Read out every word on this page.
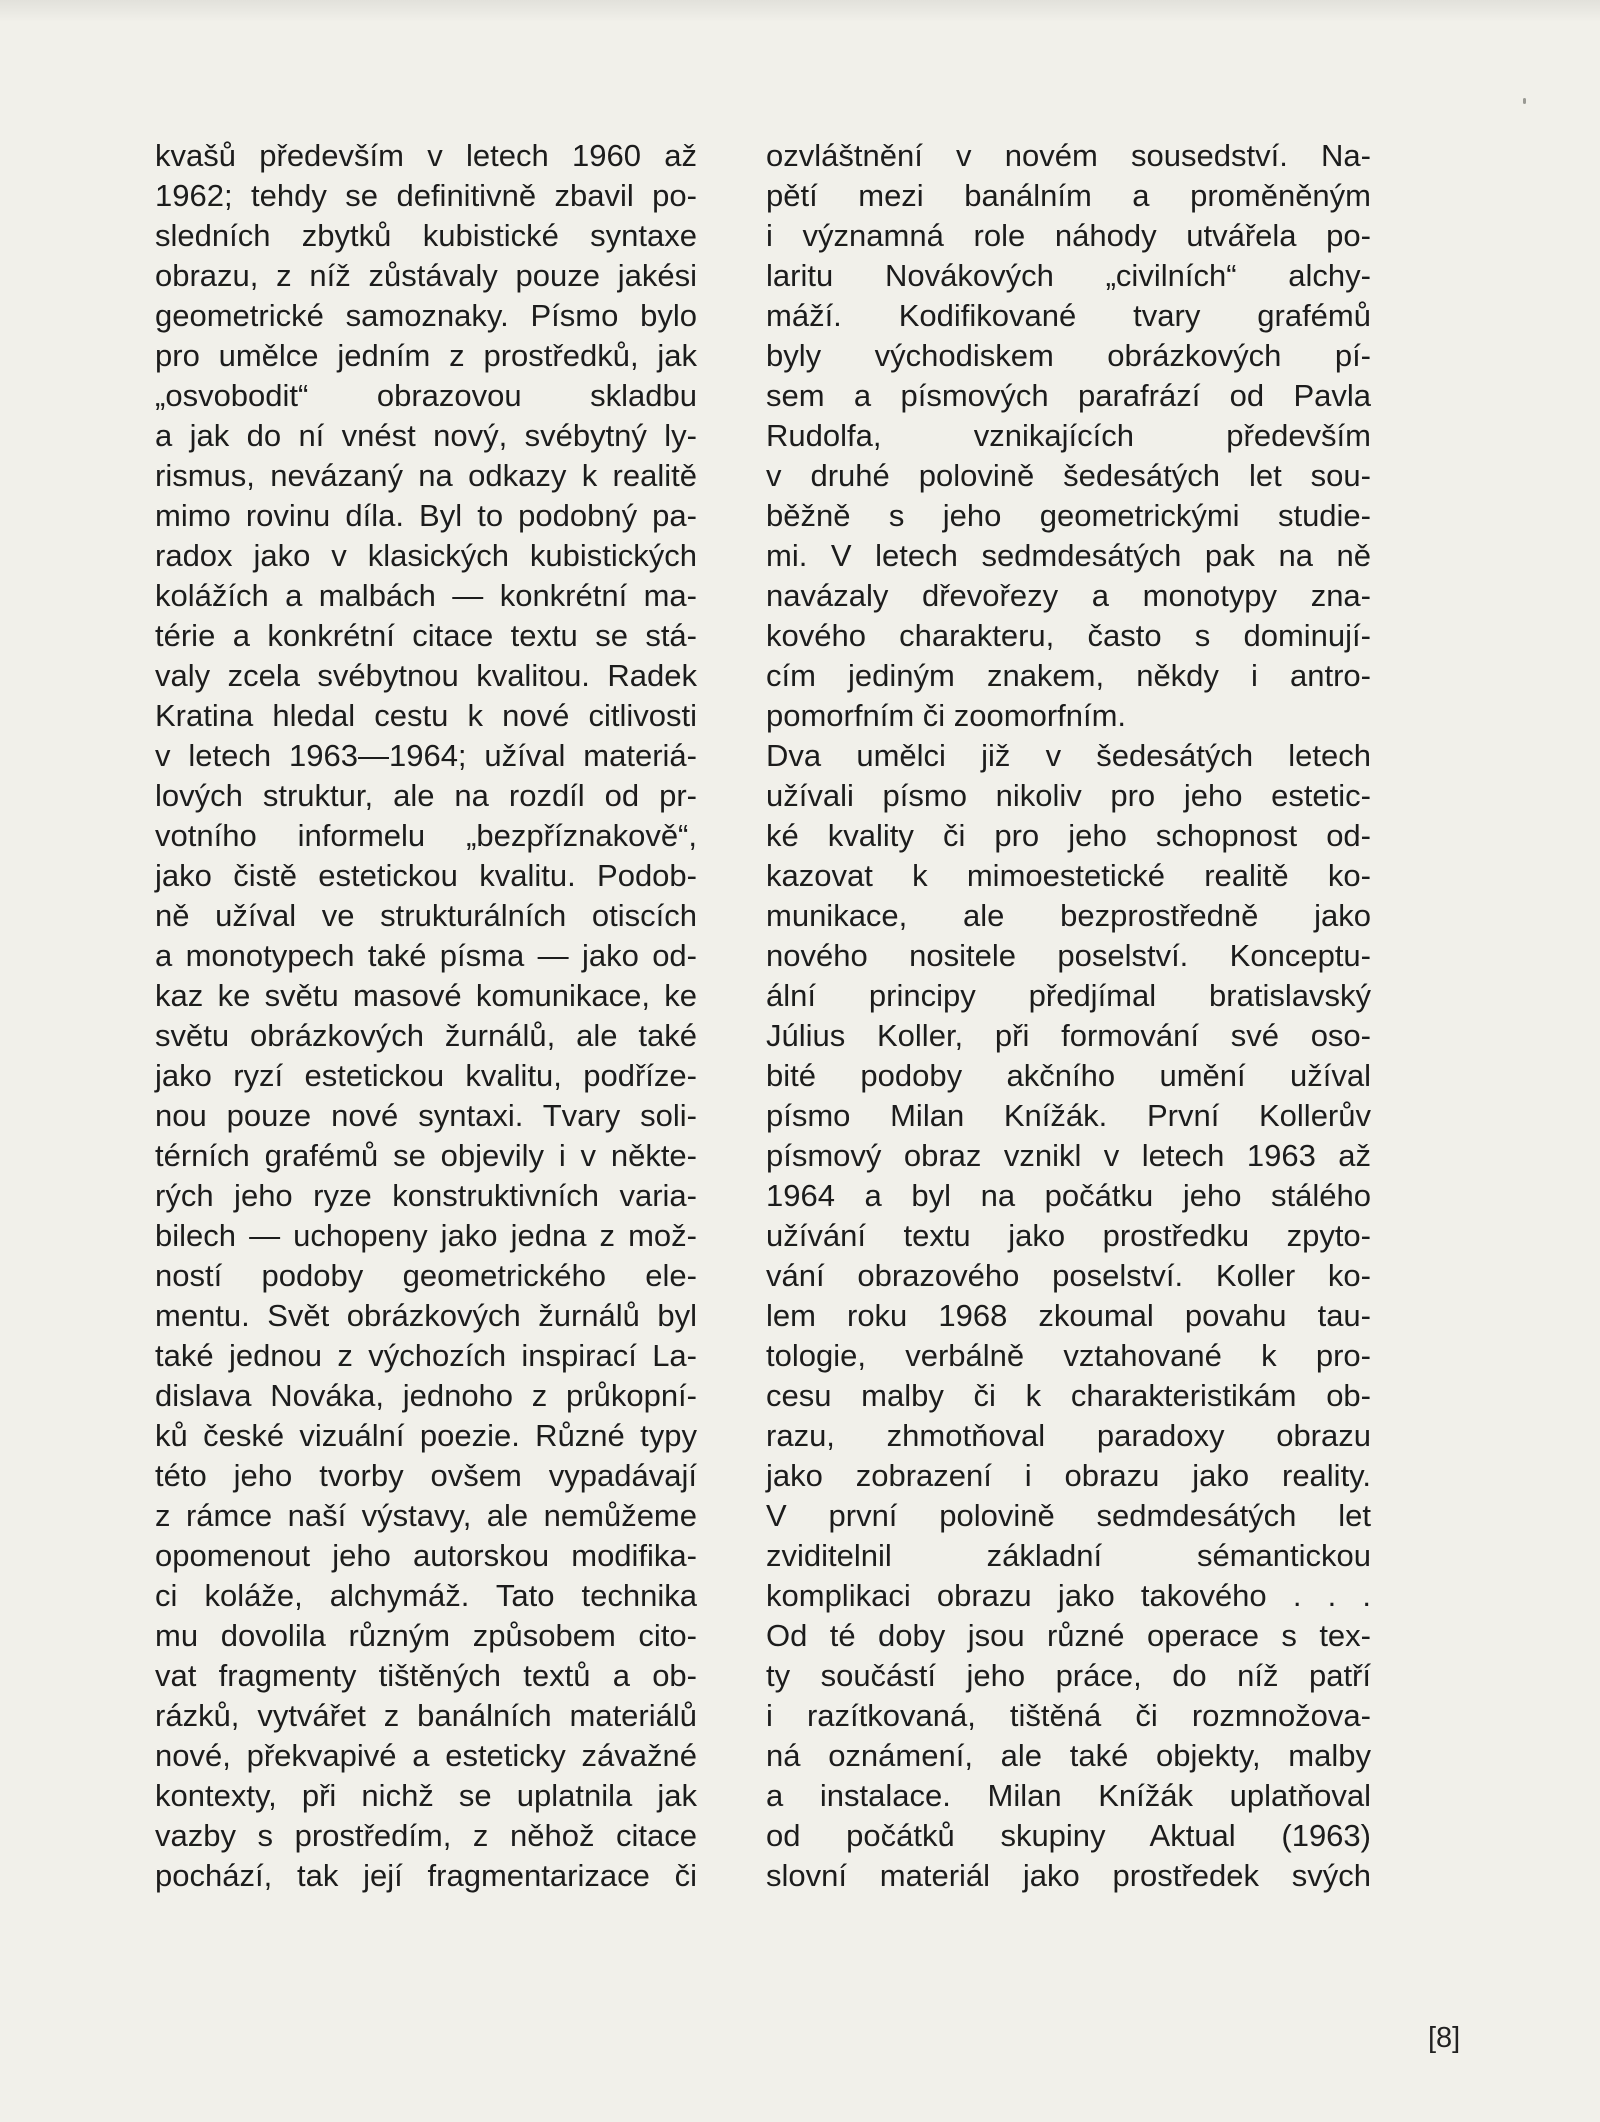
kvašů především v letech 1960 až
1962; tehdy se definitivně zbavil po-
sledních zbytků kubistické syntaxe
obrazu, z níž zůstávaly pouze jakési
geometrické samoznaky. Písmo bylo
pro umělce jedním z prostředků, jak
„osvobodit“ obrazovou skladbu
a jak do ní vnést nový, svébytný ly-
rismus, nevázaný na odkazy k realitě
mimo rovinu díla. Byl to podobný pa-
radox jako v klasických kubistických
kolážích a malbách — konkrétní ma-
térie a konkrétní citace textu se stá-
valy zcela svébytnou kvalitou. Radek
Kratina hledal cestu k nové citlivosti
v letech 1963—1964; užíval materiá-
lových struktur, ale na rozdíl od pr-
votního informelu „bezpříznakově“,
jako čistě estetickou kvalitu. Podob-
ně užíval ve strukturálních otiscích
a monotypech také písma — jako od-
kaz ke světu masové komunikace, ke
světu obrázkových žurnálů, ale také
jako ryzí estetickou kvalitu, podříze-
nou pouze nové syntaxi. Tvary soli-
térních grafémů se objevily i v někte-
rých jeho ryze konstruktivních varia-
bilech — uchopeny jako jedna z mož-
ností podoby geometrického ele-
mentu. Svět obrázkových žurnálů byl
také jednou z výchozích inspirací La-
dislava Nováka, jednoho z průkopní-
ků české vizuální poezie. Různé typy
této jeho tvorby ovšem vypadávají
z rámce naší výstavy, ale nemůžeme
opomenout jeho autorskou modifika-
ci koláže, alchymáž. Tato technika
mu dovolila různým způsobem cito-
vat fragmenty tištěných textů a ob-
rázků, vytvářet z banálních materiálů
nové, překvapivé a esteticky závažné
kontexty, při nichž se uplatnila jak
vazby s prostředím, z něhož citace
pochází, tak její fragmentarizace či
ozvláštnění v novém sousedství. Na-
pětí mezi banálním a proměněným
i významná role náhody utvářela po-
laritu Novákových „civilních“ alchy-
máží. Kodifikované tvary grafémů
byly východiskem obrázkových pí-
sem a písmových parafrází od Pavla
Rudolfa, vznikajících především
v druhé polovině šedesátých let sou-
běžně s jeho geometrickými studie-
mi. V letech sedmdesátých pak na ně
navázaly dřevořezy a monotypy zna-
kového charakteru, často s dominují-
cím jediným znakem, někdy i antro-
pomorfním či zoomorfním.
Dva umělci již v šedesátých letech
užívali písmo nikoliv pro jeho estetic-
ké kvality či pro jeho schopnost od-
kazovat k mimoestetické realitě ko-
munikace, ale bezprostředně jako
nového nositele poselství. Konceptu-
ální principy předjímal bratislavský
Július Koller, při formování své oso-
bité podoby akčního umění užíval
písmo Milan Knížák. První Kollerův
písmový obraz vznikl v letech 1963 až
1964 a byl na počátku jeho stálého
užívání textu jako prostředku zpyto-
vání obrazového poselství. Koller ko-
lem roku 1968 zkoumal povahu tau-
tologie, verbálně vztahované k pro-
cesu malby či k charakteristikám ob-
razu, zhmotňoval paradoxy obrazu
jako zobrazení i obrazu jako reality.
V první polovině sedmdesátých let
zviditelnil základní sémantickou
komplikaci obrazu jako takového . . .
Od té doby jsou různé operace s tex-
ty součástí jeho práce, do níž patří
i razítkovaná, tištěná či rozmnožova-
ná oznámení, ale také objekty, malby
a instalace. Milan Knížák uplatňoval
od počátků skupiny Aktual (1963)
slovní materiál jako prostředek svých
[8]
